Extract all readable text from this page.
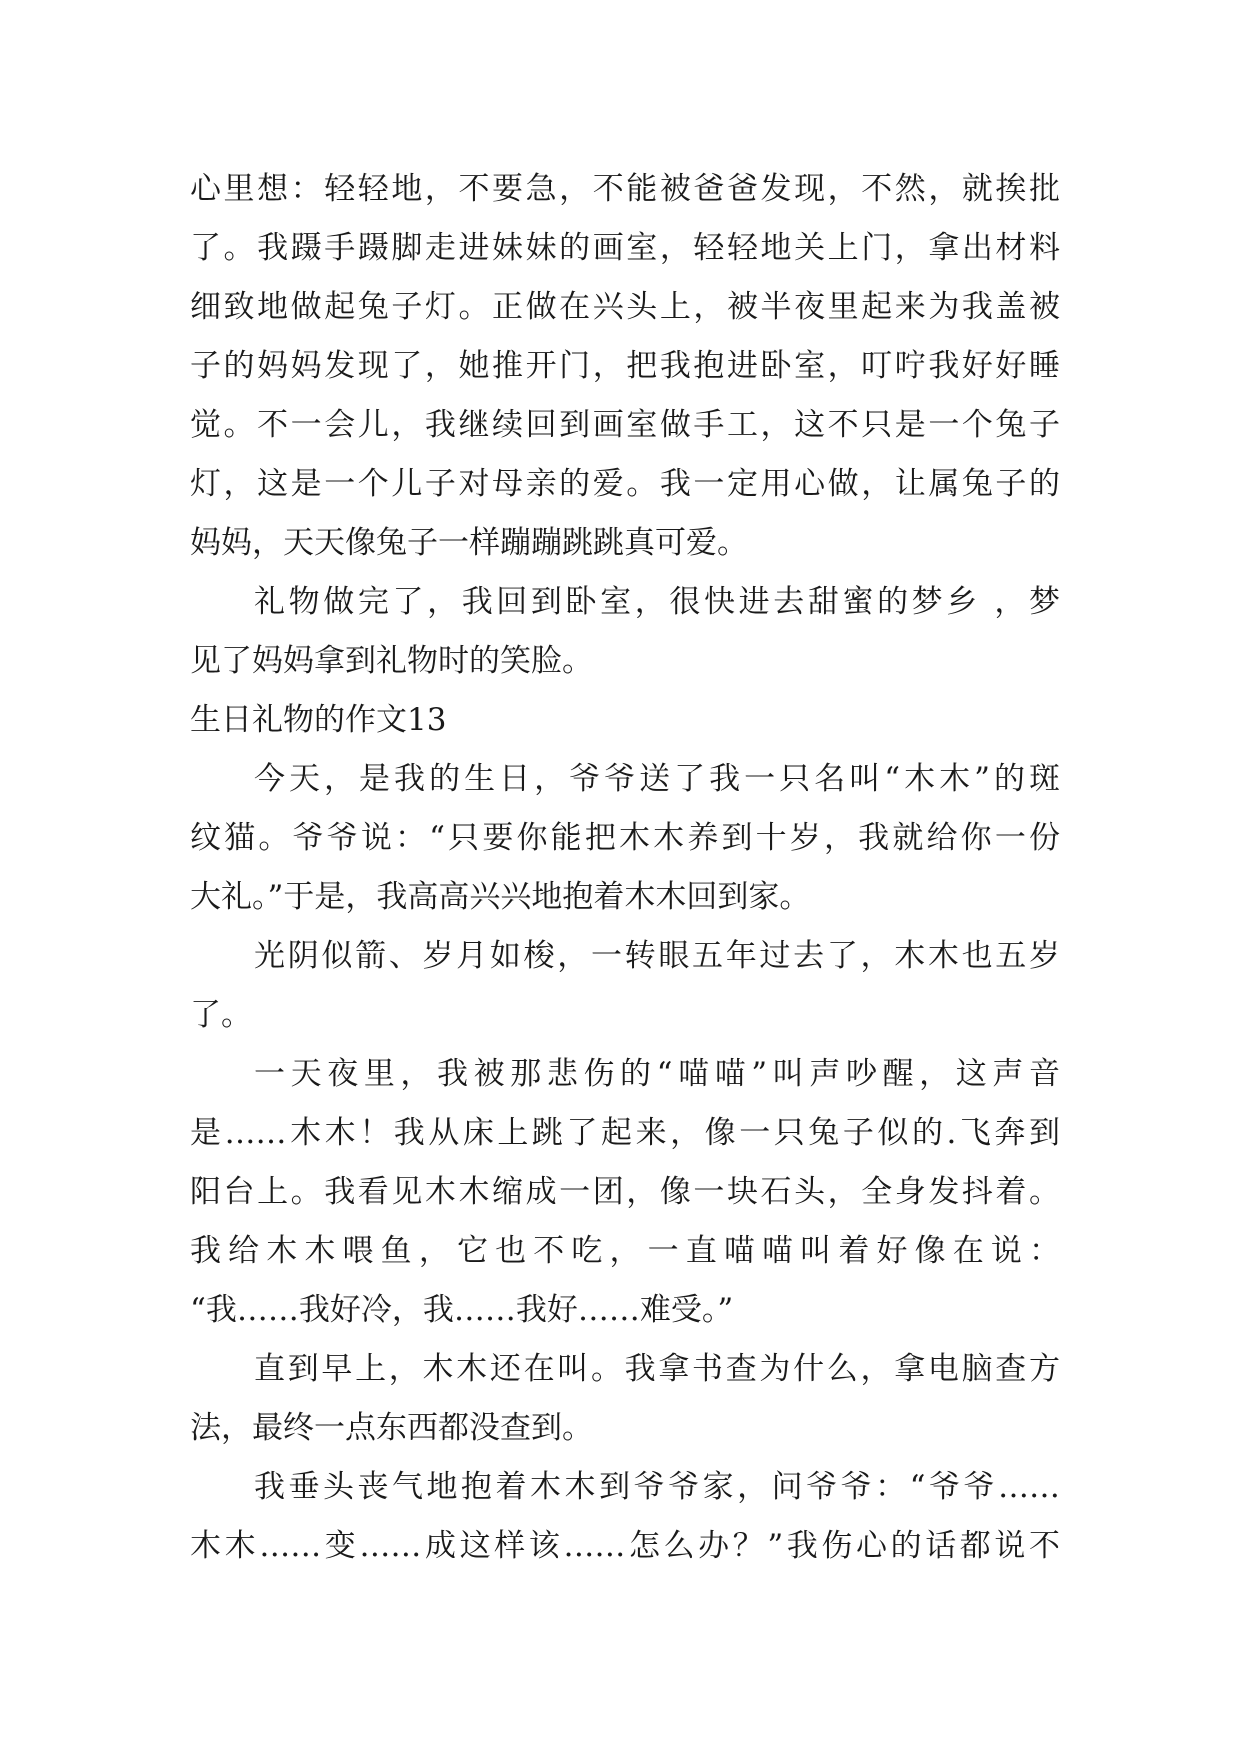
心里想：轻轻地，不要急，不能被爸爸发现，不然，就挨批
了。我蹑手蹑脚走进妹妹的画室，轻轻地关上门，拿出材料
细致地做起兔子灯。正做在兴头上，被半夜里起来为我盖被
子的妈妈发现了，她推开门，把我抱进卧室，叮咛我好好睡
觉。不一会儿，我继续回到画室做手工，这不只是一个兔子
灯，这是一个儿子对母亲的爱。我一定用心做，让属兔子的
妈妈，天天像兔子一样蹦蹦跳跳真可爱。
礼物做完了，我回到卧室，很快进去甜蜜的梦乡 ，梦
见了妈妈拿到礼物时的笑脸。
生日礼物的作文13
今天，是我的生日，爷爷送了我一只名叫“木木”的斑
纹猫。爷爷说：“只要你能把木木养到十岁，我就给你一份
大礼。”于是，我高高兴兴地抱着木木回到家。
光阴似箭、岁月如梭，一转眼五年过去了，木木也五岁
了。
一天夜里，我被那悲伤的“喵喵”叫声吵醒，这声音
是……木木！我从床上跳了起来，像一只兔子似的.飞奔到
阳台上。我看见木木缩成一团，像一块石头，全身发抖着。
我给木木喂鱼，它也不吃，一直喵喵叫着好像在说：
“我……我好冷，我……我好……难受。”
直到早上，木木还在叫。我拿书查为什么，拿电脑查方
法，最终一点东西都没查到。
我垂头丧气地抱着木木到爷爷家，问爷爷：“爷爷……
木木……变……成这样该……怎么办？”我伤心的话都说不
